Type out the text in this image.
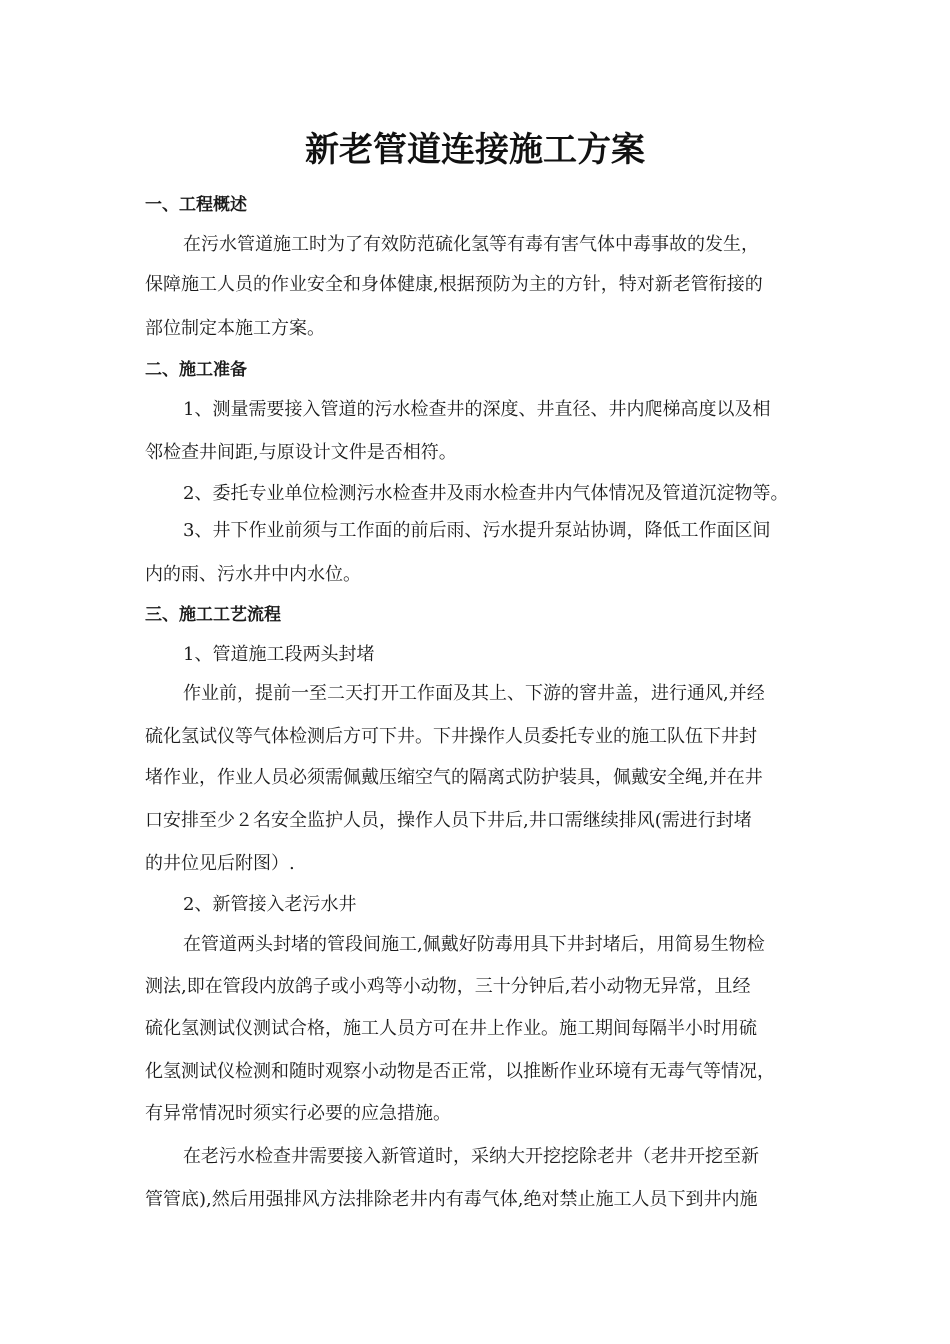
新老管道连接施工方案
一、工程概述
在污水管道施工时为了有效防范硫化氢等有毒有害气体中毒事故的发生，
保障施工人员的作业安全和身体健康,根据预防为主的方针，特对新老管衔接的
部位制定本施工方案。
二、施工准备
1、测量需要接入管道的污水检查井的深度、井直径、井内爬梯高度以及相
邻检查井间距,与原设计文件是否相符。
2、委托专业单位检测污水检查井及雨水检查井内气体情况及管道沉淀物等。
3、井下作业前须与工作面的前后雨、污水提升泵站协调，降低工作面区间
内的雨、污水井中内水位。
三、施工工艺流程
1、管道施工段两头封堵
作业前，提前一至二天打开工作面及其上、下游的窨井盖，进行通风,并经
硫化氢试仪等气体检测后方可下井。下井操作人员委托专业的施工队伍下井封
堵作业，作业人员必须需佩戴压缩空气的隔离式防护装具，佩戴安全绳,并在井
口安排至少２名安全监护人员，操作人员下井后,井口需继续排风(需进行封堵
的井位见后附图）.
2、新管接入老污水井
在管道两头封堵的管段间施工,佩戴好防毒用具下井封堵后，用简易生物检
测法,即在管段内放鸽子或小鸡等小动物，三十分钟后,若小动物无异常，且经
硫化氢测试仪测试合格，施工人员方可在井上作业。施工期间每隔半小时用硫
化氢测试仪检测和随时观察小动物是否正常，以推断作业环境有无毒气等情况，
有异常情况时须实行必要的应急措施。
在老污水检查井需要接入新管道时，采纳大开挖挖除老井（老井开挖至新
管管底),然后用强排风方法排除老井内有毒气体,绝对禁止施工人员下到井内施
